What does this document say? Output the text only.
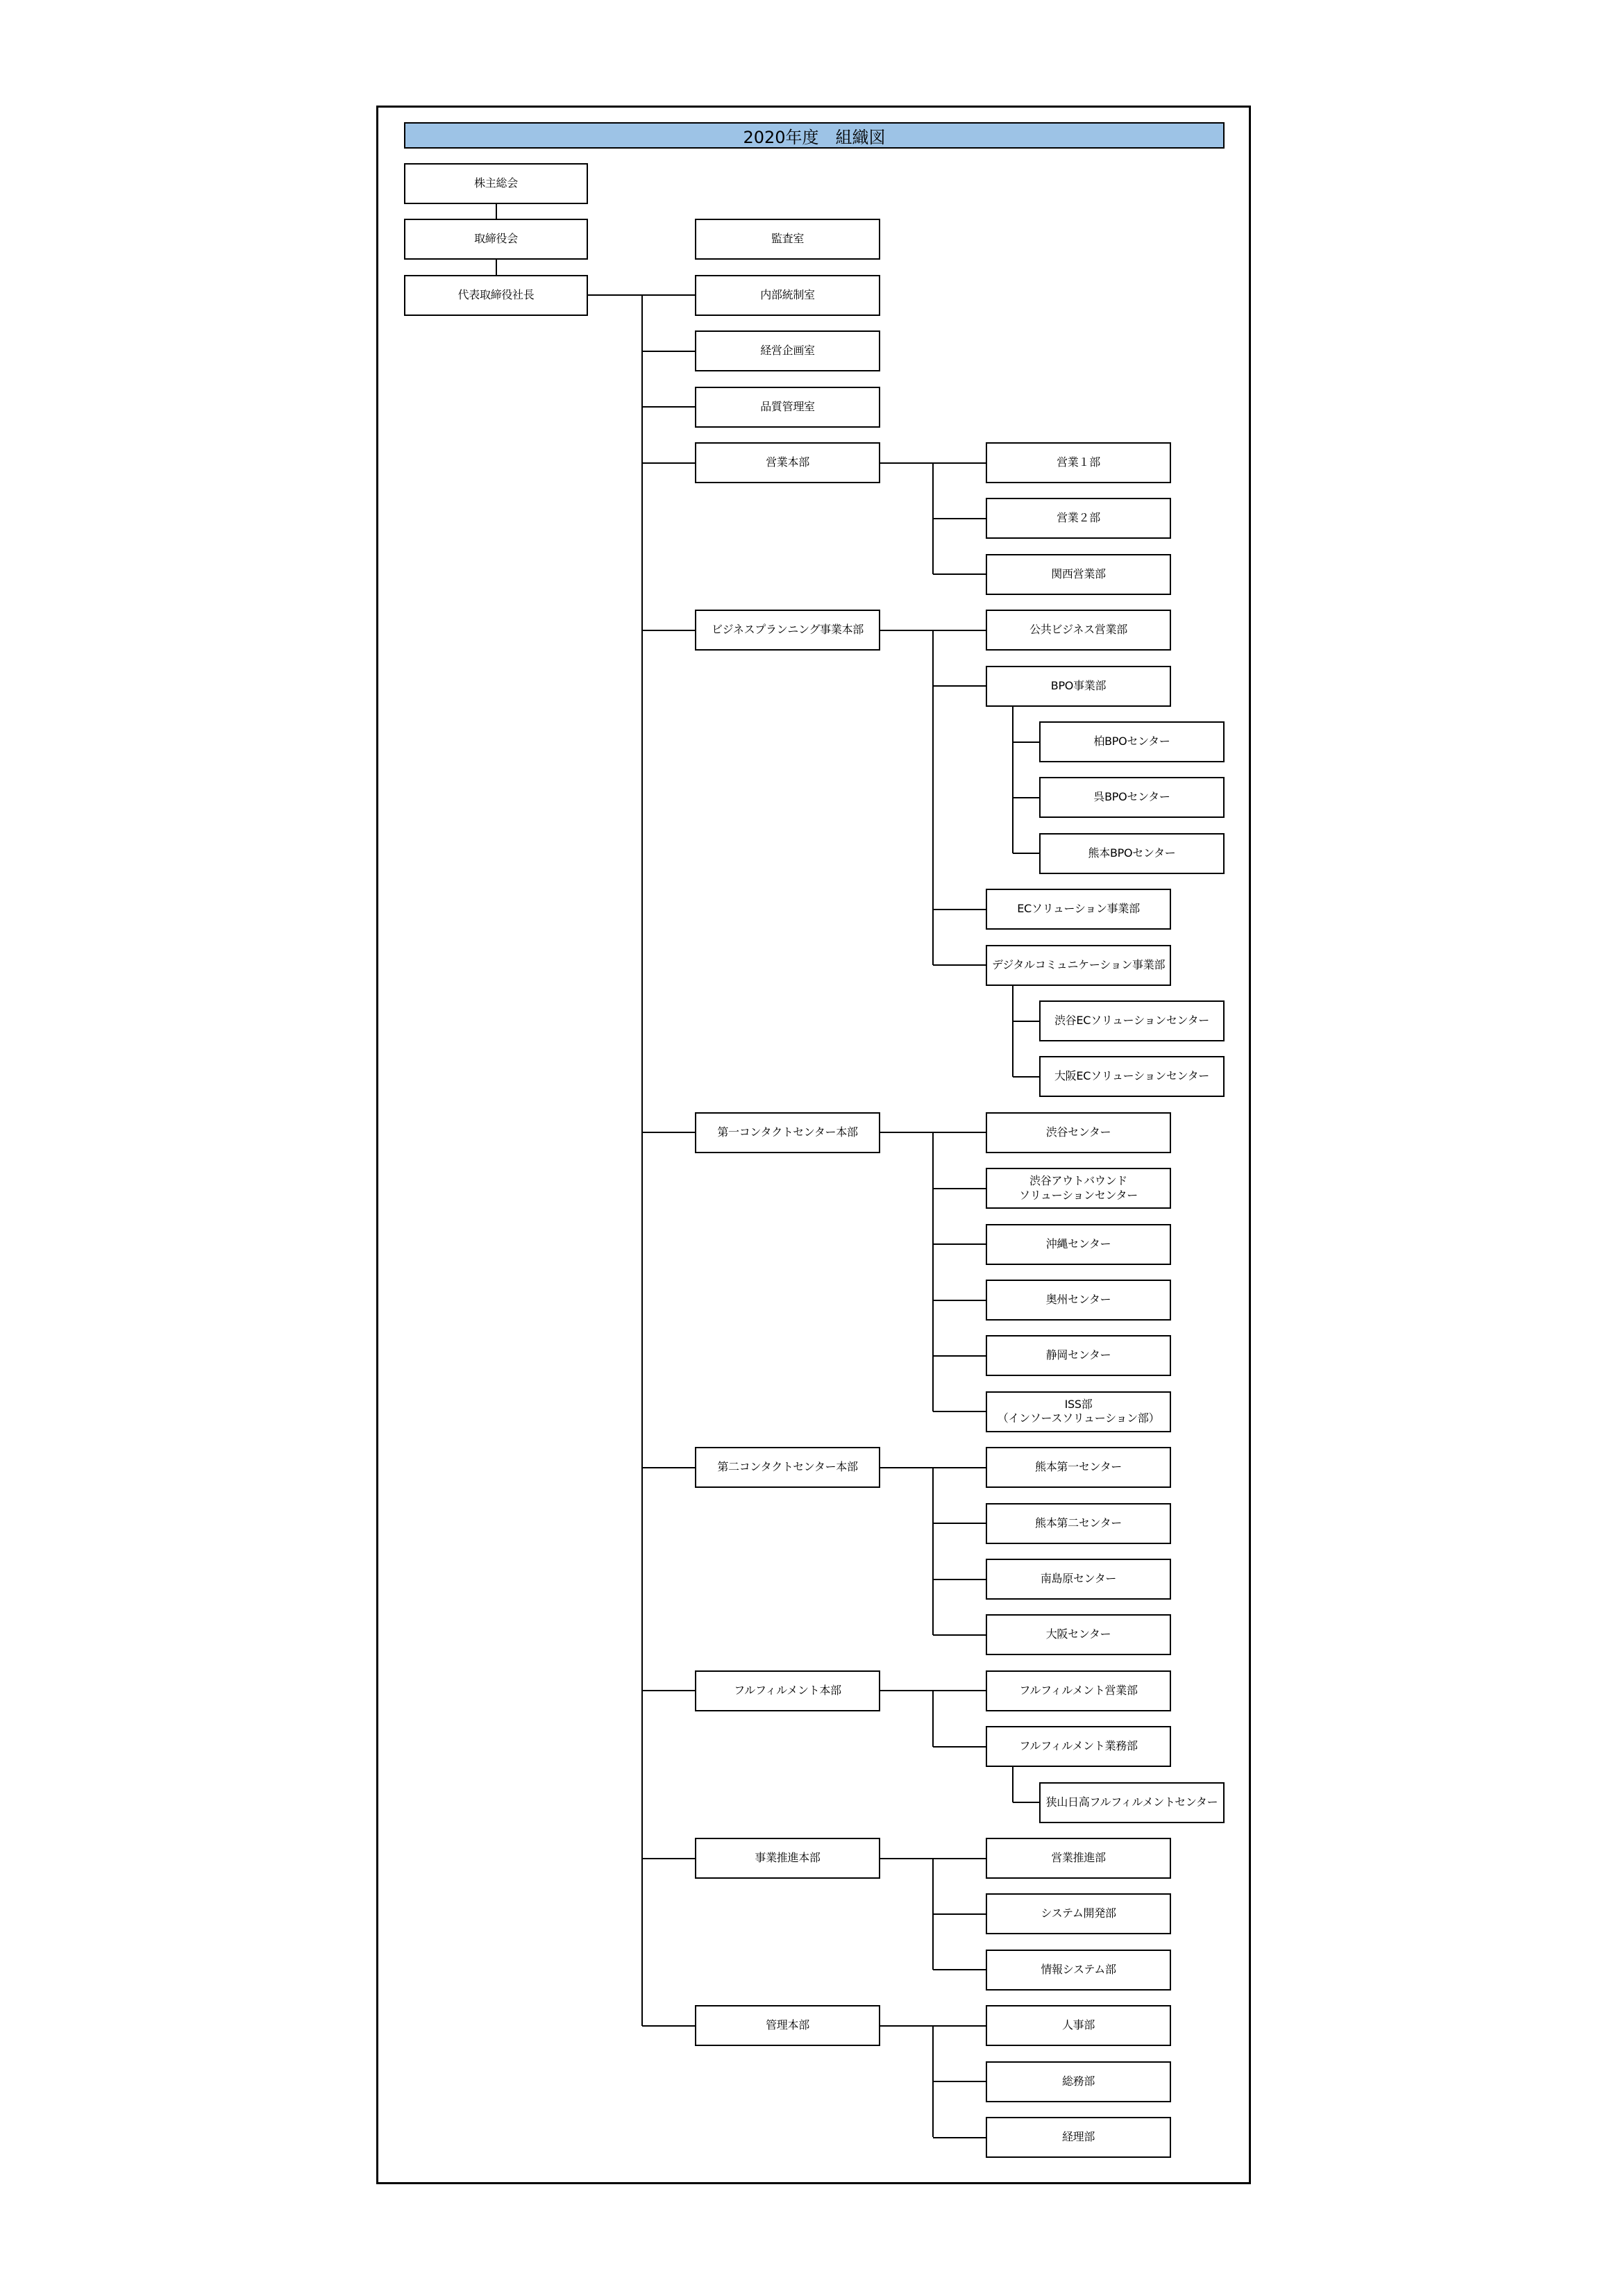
2020年度　組織図
株主総会
取締役会
代表取締役社長
監査室
内部統制室
経営企画室
品質管理室
営業本部	営業１部
営業２部
関西営業部
ビジネスプランニング事業本部	公共ビジネス営業部
BPO事業部
柏BPOセンター
呉BPOセンター
熊本BPOセンター
ECソリューション事業部
デジタルコミュニケーション事業部
渋谷ECソリューションセンター
大阪ECソリューションセンター
第一コンタクトセンター本部	渋谷センター
渋谷アウトバウンド
ソリューションセンター
沖縄センター
奥州センター
静岡センター
ISS部
（インソースソリューション部）
第二コンタクトセンター本部	熊本第一センター
熊本第二センター
南島原センター
大阪センター
フルフィルメント本部	フルフィルメント営業部
フルフィルメント業務部
狭山日高フルフィルメントセンター
事業推進本部	営業推進部
システム開発部
情報システム部
管理本部	人事部
総務部
経理部
